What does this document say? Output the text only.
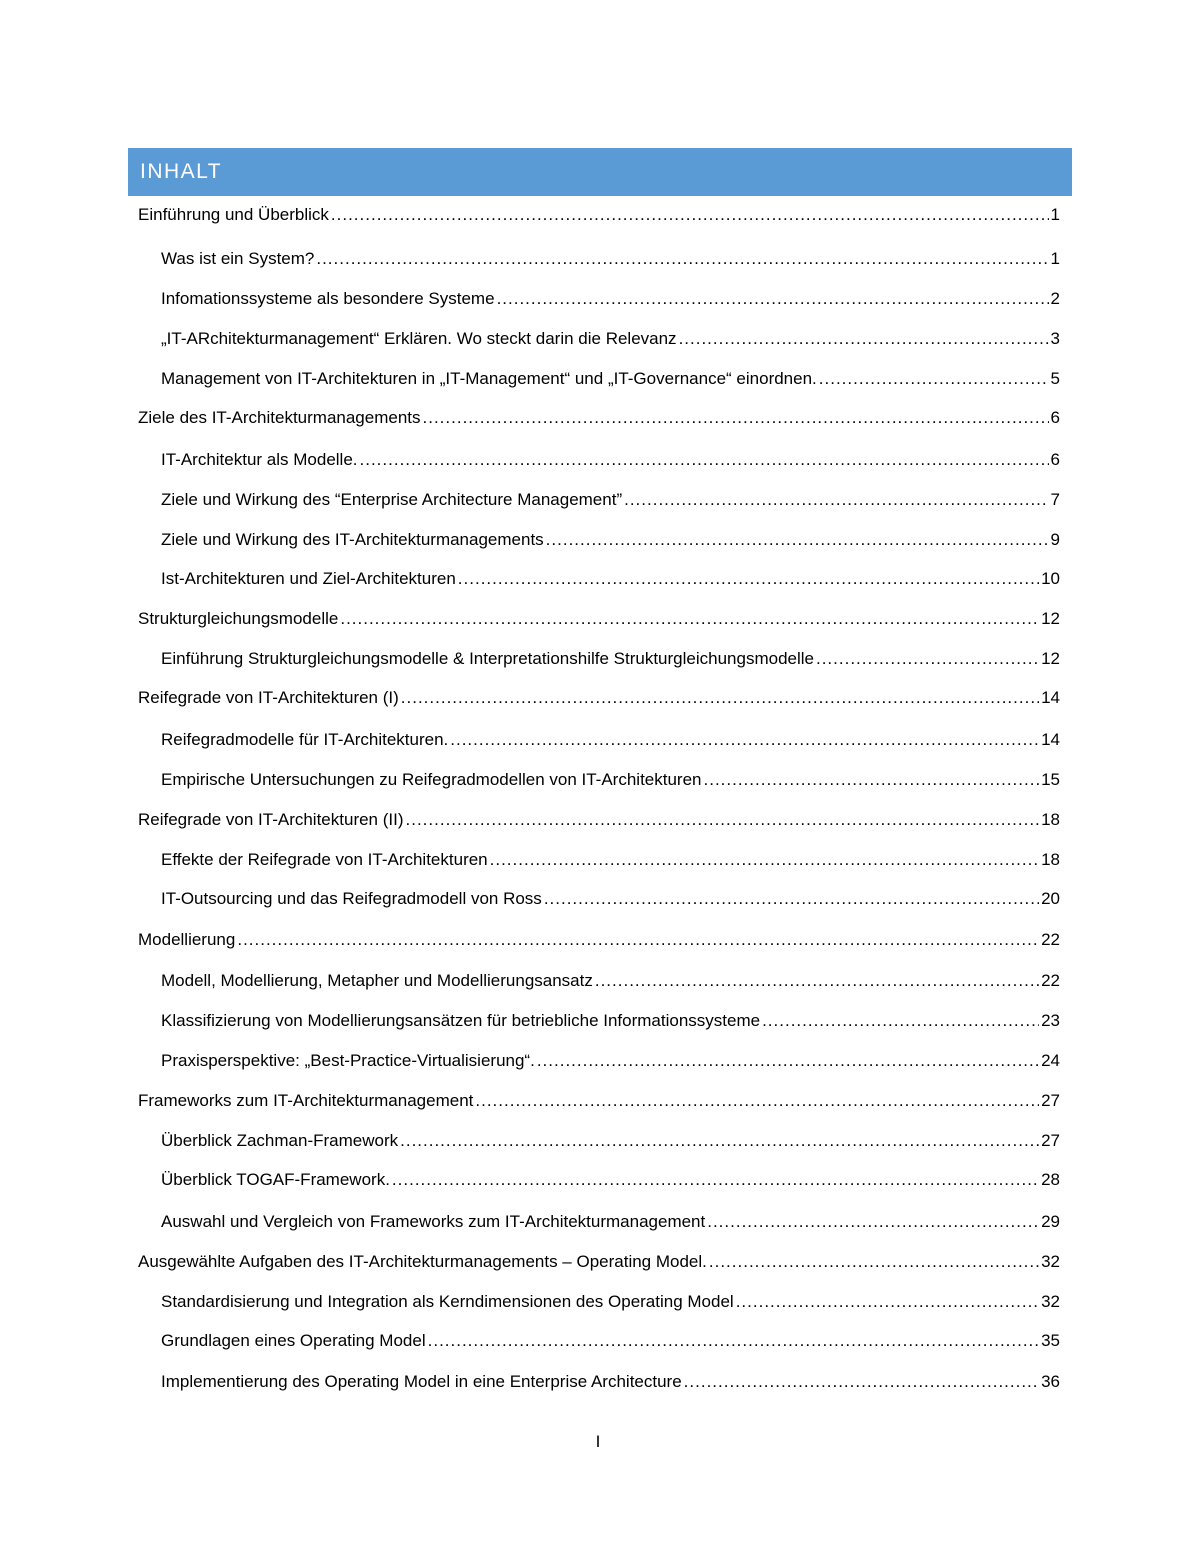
INHALT
Einführung und Überblick .....	1
Was ist ein System? .....	1
Infomationssysteme als besondere Systeme .....	2
„IT-ARchitekturmanagement“ Erklären. Wo steckt darin die Relevanz .....	3
Management von IT-Architekturen in „IT-Management“ und „IT-Governance“ einordnen. .....	5
Ziele des IT-Architekturmanagements .....	6
IT-Architektur als Modelle. .....	6
Ziele und Wirkung des “Enterprise Architecture Management” .....	7
Ziele und Wirkung des IT-Architekturmanagements .....	9
Ist-Architekturen und Ziel-Architekturen .....	10
Strukturgleichungsmodelle .....	12
Einführung Strukturgleichungsmodelle & Interpretationshilfe Strukturgleichungsmodelle .....	12
Reifegrade von IT-Architekturen (I) .....	14
Reifegradmodelle für IT-Architekturen. .....	14
Empirische Untersuchungen zu Reifegradmodellen von IT-Architekturen .....	15
Reifegrade von IT-Architekturen (II) .....	18
Effekte der Reifegrade von IT-Architekturen .....	18
IT-Outsourcing und das Reifegradmodell von Ross .....	20
Modellierung .....	22
Modell, Modellierung, Metapher und Modellierungsansatz .....	22
Klassifizierung von Modellierungsansätzen für betriebliche Informationssysteme .....	23
Praxisperspektive: „Best-Practice-Virtualisierung“. .....	24
Frameworks zum IT-Architekturmanagement .....	27
Überblick Zachman-Framework .....	27
Überblick TOGAF-Framework. .....	28
Auswahl und Vergleich von Frameworks zum IT-Architekturmanagement .....	29
Ausgewählte Aufgaben des IT-Architekturmanagements – Operating Model. .....	32
Standardisierung und Integration als Kerndimensionen des Operating Model .....	32
Grundlagen eines Operating Model .....	35
Implementierung des Operating Model in eine Enterprise Architecture .....	36
I
